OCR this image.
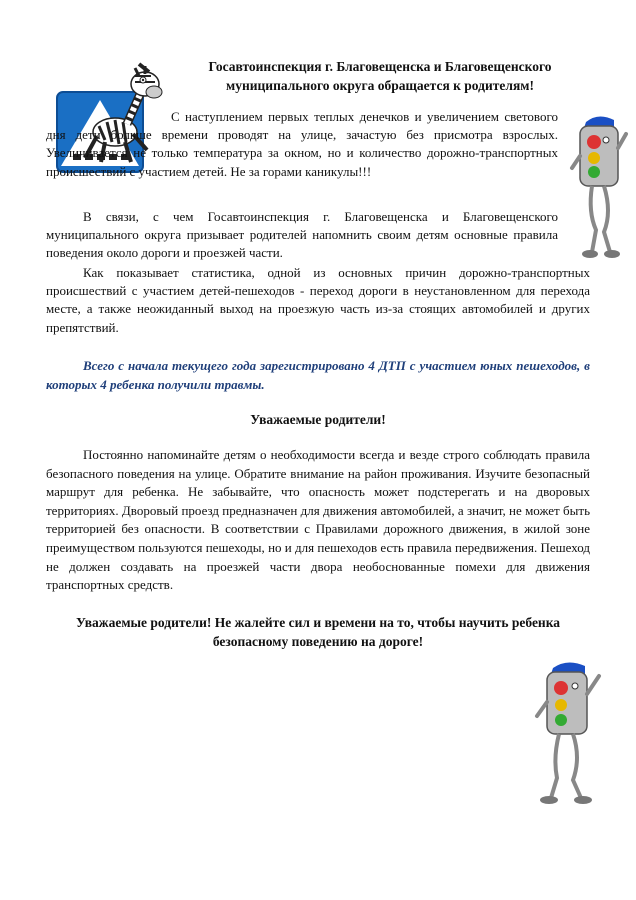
Госавтоинспекция г. Благовещенска и Благовещенского
муниципального округа обращается к родителям!

С наступлением первых теплых денечков и увеличением светового дня дети больше времени проводят на улице, зачастую без присмотра взрослых. Увеличивается не только температура за окном, но и количество дорожно-транспортных происшествий с участием детей. Не за горами каникулы!!!

В связи, с чем Госавтоинспекция г. Благовещенска и Благовещенского муниципального округа призывает родителей напомнить своим детям основные правила поведения около дороги и проезжей части.

Как показывает статистика, одной из основных причин дорожно-транспортных происшествий с участием детей-пешеходов - переход дороги в неустановленном для перехода месте, а также неожиданный выход на проезжую часть из-за стоящих автомобилей и других препятствий.

Всего с начала текущего года зарегистрировано 4 ДТП с участием юных пешеходов, в которых 4 ребенка получили травмы.

Уважаемые родители!

Постоянно напоминайте детям о необходимости всегда и везде строго соблюдать правила безопасного поведения на улице. Обратите внимание на район проживания. Изучите безопасный маршрут для ребенка. Не забывайте, что опасность может подстерегать и на дворовых территориях. Дворовый проезд предназначен для движения автомобилей, а значит, не может быть территорией без опасности. В соответствии с Правилами дорожного движения, в жилой зоне преимуществом пользуются пешеходы, но и для пешеходов есть правила передвижения. Пешеход не должен создавать на проезжей части двора необоснованные помехи для движения транспортных средств.

Уважаемые родители! Не жалейте сил и времени на то, чтобы научить ребенка
безопасному поведению на дороге!
